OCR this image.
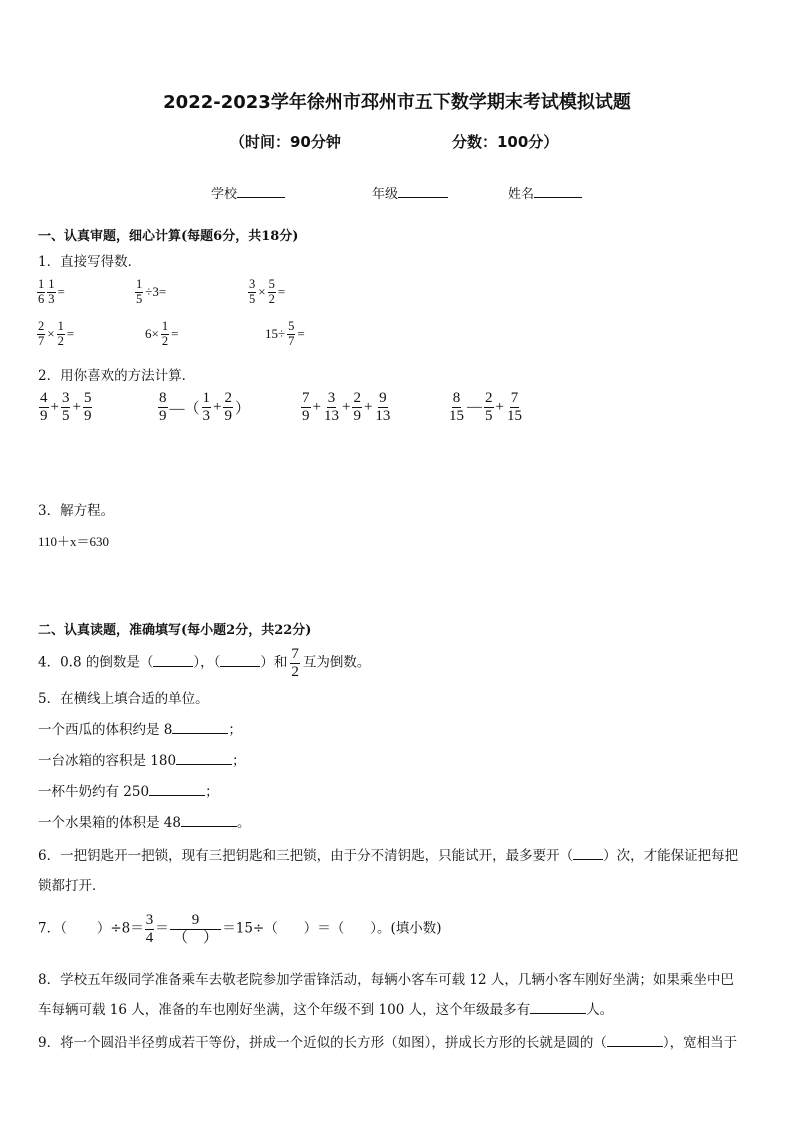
2022-2023学年徐州市邳州市五下数学期末考试模拟试题
（时间：90分钟	分数：100分）
学校	年级	姓名
一、认真审题，细心计算(每题6分，共18分)
1．直接写得数．
$\frac{1}{6} \frac{1}{3}$ =	$\frac{1}{5} \div 3=$	$\frac{3}{5} \times \frac{5}{2}$ =
$\frac{2}{7} \times \frac{1}{2}$ =	$6\times \frac{1}{2}$ =	$15\div \frac{5}{7}$ =
2．用你喜欢的方法计算．
$\frac{4}{9} + \frac{3}{5} + \frac{5}{9}$	$\frac{8}{9}$ —（ $\frac{1}{3} + \frac{2}{9}$ ）	$\frac{7}{9} + \frac{3}{13} + \frac{2}{9} + \frac{9}{13}$	$\frac{8}{15}$ — $\frac{2}{5} + \frac{7}{15}$
3．解方程。
110＋x＝630
二、认真读题，准确填写(每小题2分，共22分)
4．0.8 的倒数是（	），（	）和 $\frac{7}{2}$ 互为倒数。
5．在横线上填合适的单位。
一个西瓜的体积约是 8	；
一台冰箱的容积是 180	；
一杯牛奶约有 250	；
一个水果箱的体积是 48	。
6．一把钥匙开一把锁，现有三把钥匙和三把锁，由于分不清钥匙，只能试开，最多要开（ ）次，才能保证把每把
锁都打开．
7．（ ）$\div 8= \frac{3}{4} = \frac{9}{( )} =15\div$（ ）＝（ ）。(填小数)
8．学校五年级同学准备乘车去敬老院参加学雷锋活动，每辆小客车可载 12 人，几辆小客车刚好坐满；如果乘坐中巴
车每辆可载 16 人，准备的车也刚好坐满，这个年级不到 100 人，这个年级最多有	人。
9．将一个圆沿半径剪成若干等份，拼成一个近似的长方形（如图），拼成长方形的长就是圆的（	），宽相当于
